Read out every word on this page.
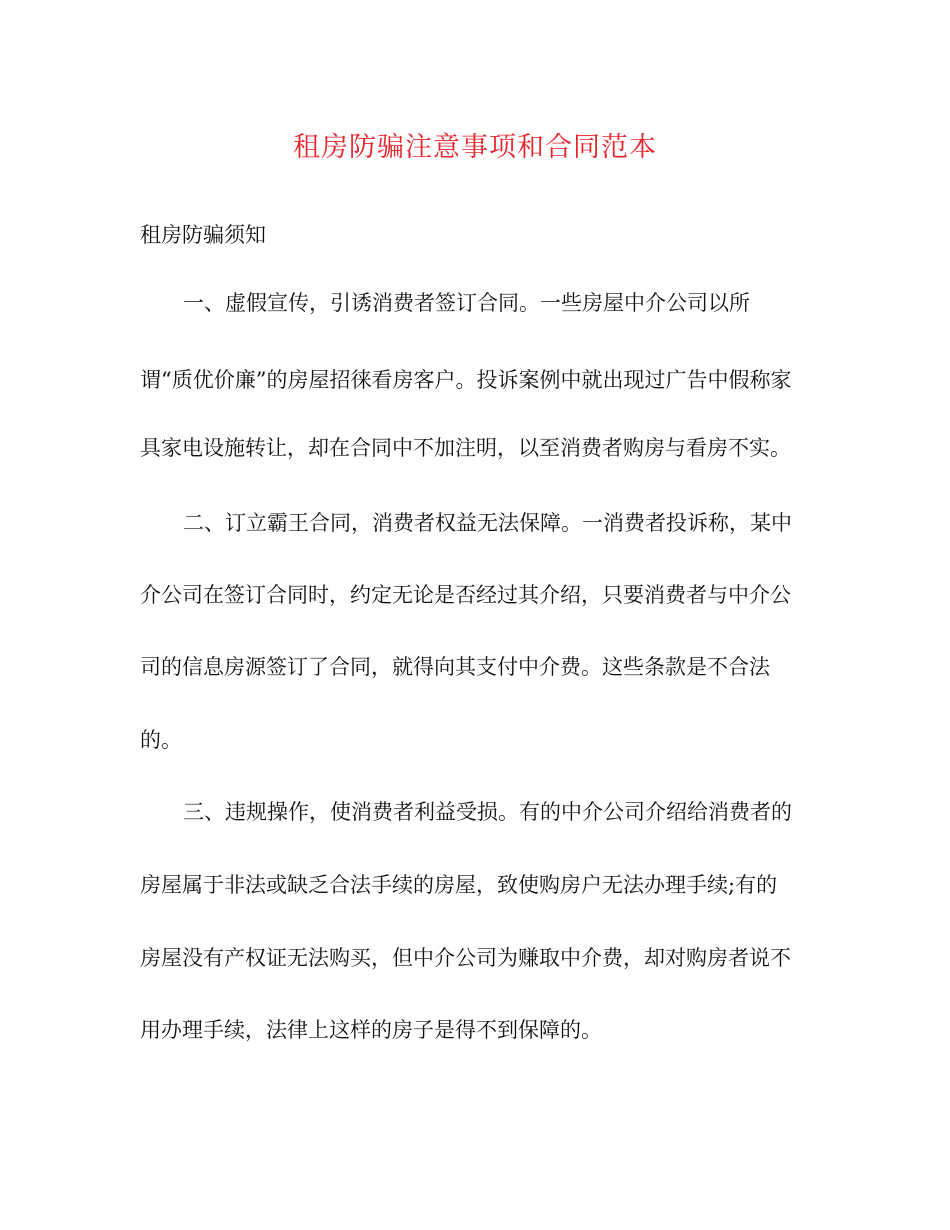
租房防骗注意事项和合同范本
租房防骗须知
一、虚假宣传，引诱消费者签订合同。一些房屋中介公司以所
谓“质优价廉”的房屋招徕看房客户。投诉案例中就出现过广告中假称家
具家电设施转让，却在合同中不加注明，以至消费者购房与看房不实。
二、订立霸王合同，消费者权益无法保障。一消费者投诉称，某中
介公司在签订合同时，约定无论是否经过其介绍，只要消费者与中介公
司的信息房源签订了合同，就得向其支付中介费。这些条款是不合法
的。
三、违规操作，使消费者利益受损。有的中介公司介绍给消费者的
房屋属于非法或缺乏合法手续的房屋，致使购房户无法办理手续;有的
房屋没有产权证无法购买，但中介公司为赚取中介费，却对购房者说不
用办理手续，法律上这样的房子是得不到保障的。
